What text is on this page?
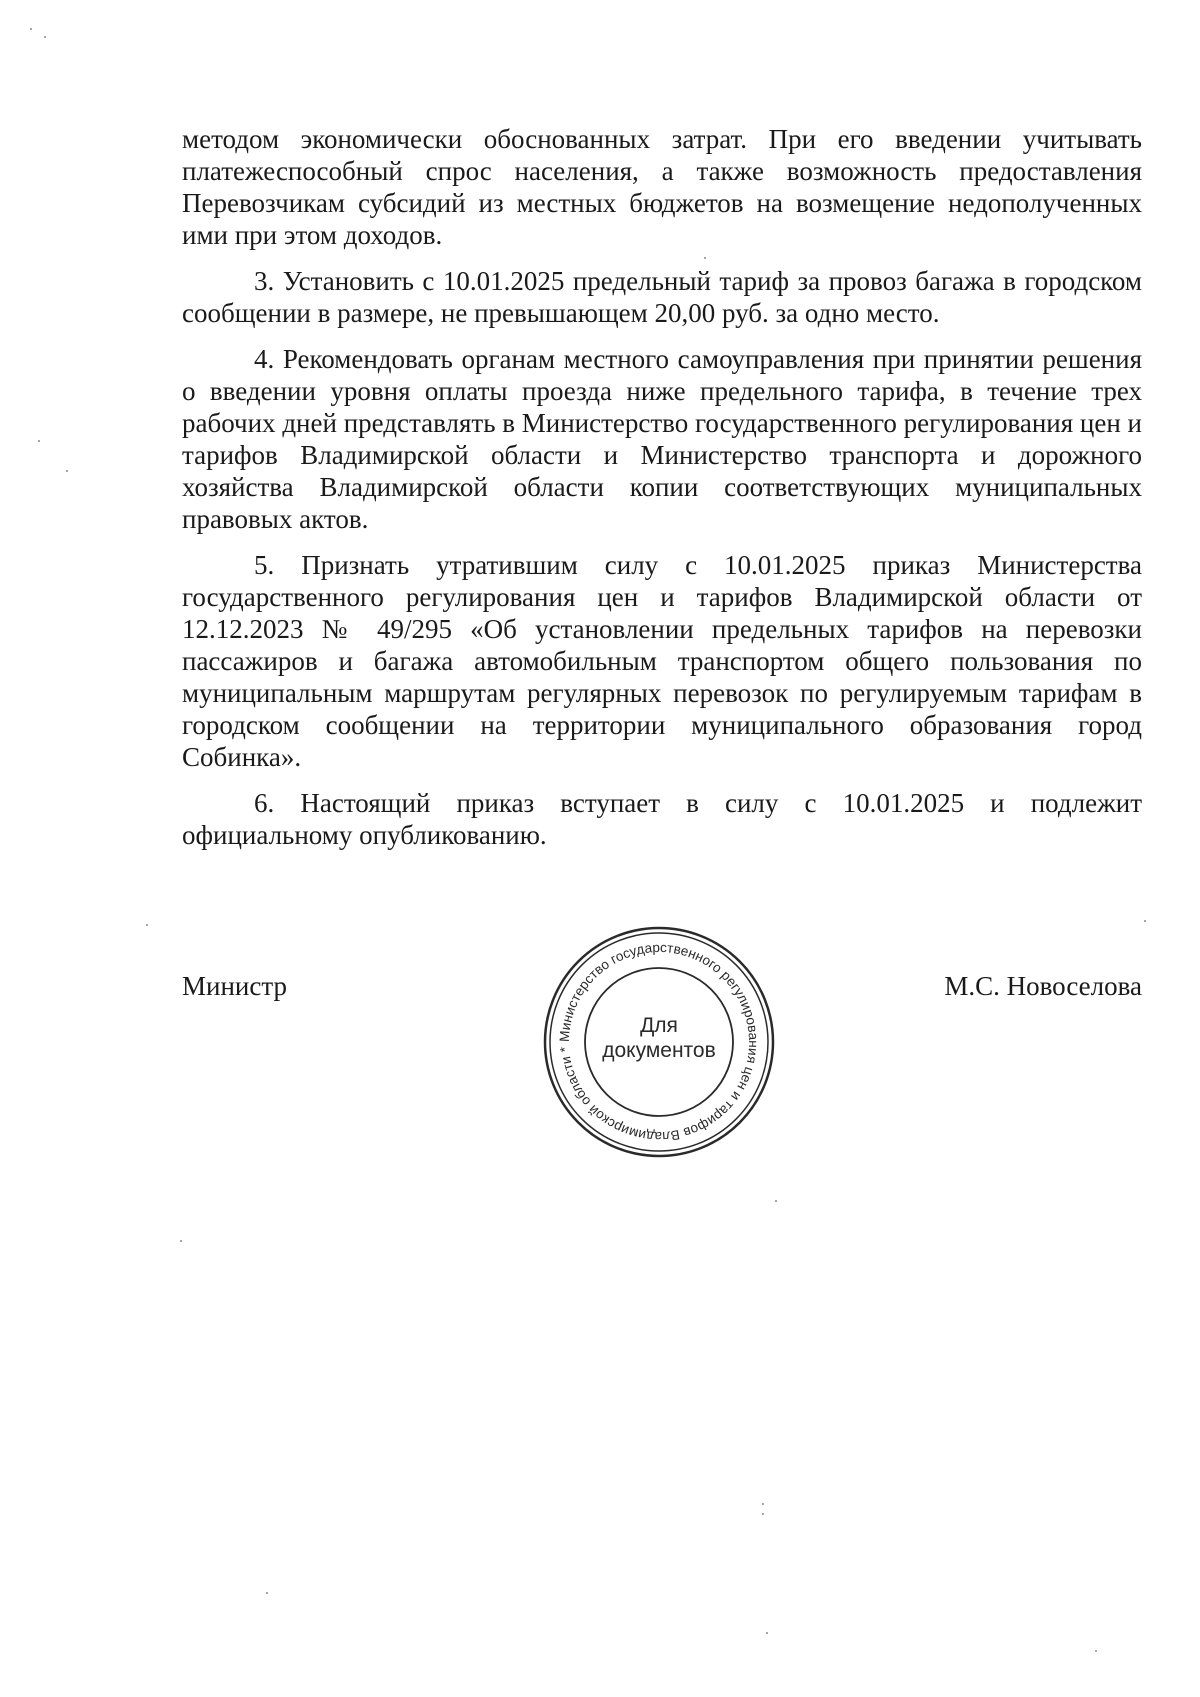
методом экономически обоснованных затрат. При его введении учитывать платежеспособный спрос населения, а также возможность предоставления Перевозчикам субсидий из местных бюджетов на возмещение недополученных ими при этом доходов.

3. Установить с 10.01.2025 предельный тариф за провоз багажа в городском сообщении в размере, не превышающем 20,00 руб. за одно место.

4. Рекомендовать органам местного самоуправления при принятии решения о введении уровня оплаты проезда ниже предельного тарифа, в течение трех рабочих дней представлять в Министерство государственного регулирования цен и тарифов Владимирской области и Министерство транспорта и дорожного хозяйства Владимирской области копии соответствующих муниципальных правовых актов.

5. Признать утратившим силу с 10.01.2025 приказ Министерства государственного регулирования цен и тарифов Владимирской области от 12.12.2023 № 49/295 «Об установлении предельных тарифов на перевозки пассажиров и багажа автомобильным транспортом общего пользования по муниципальным маршрутам регулярных перевозок по регулируемым тарифам в городском сообщении на территории муниципального образования город Собинка».

6. Настоящий приказ вступает в силу с 10.01.2025 и подлежит официальному опубликованию.

Министр	М.С. Новоселова
Министерство государственного регулирования цен и тарифов Владимирской области *
Для
документов
